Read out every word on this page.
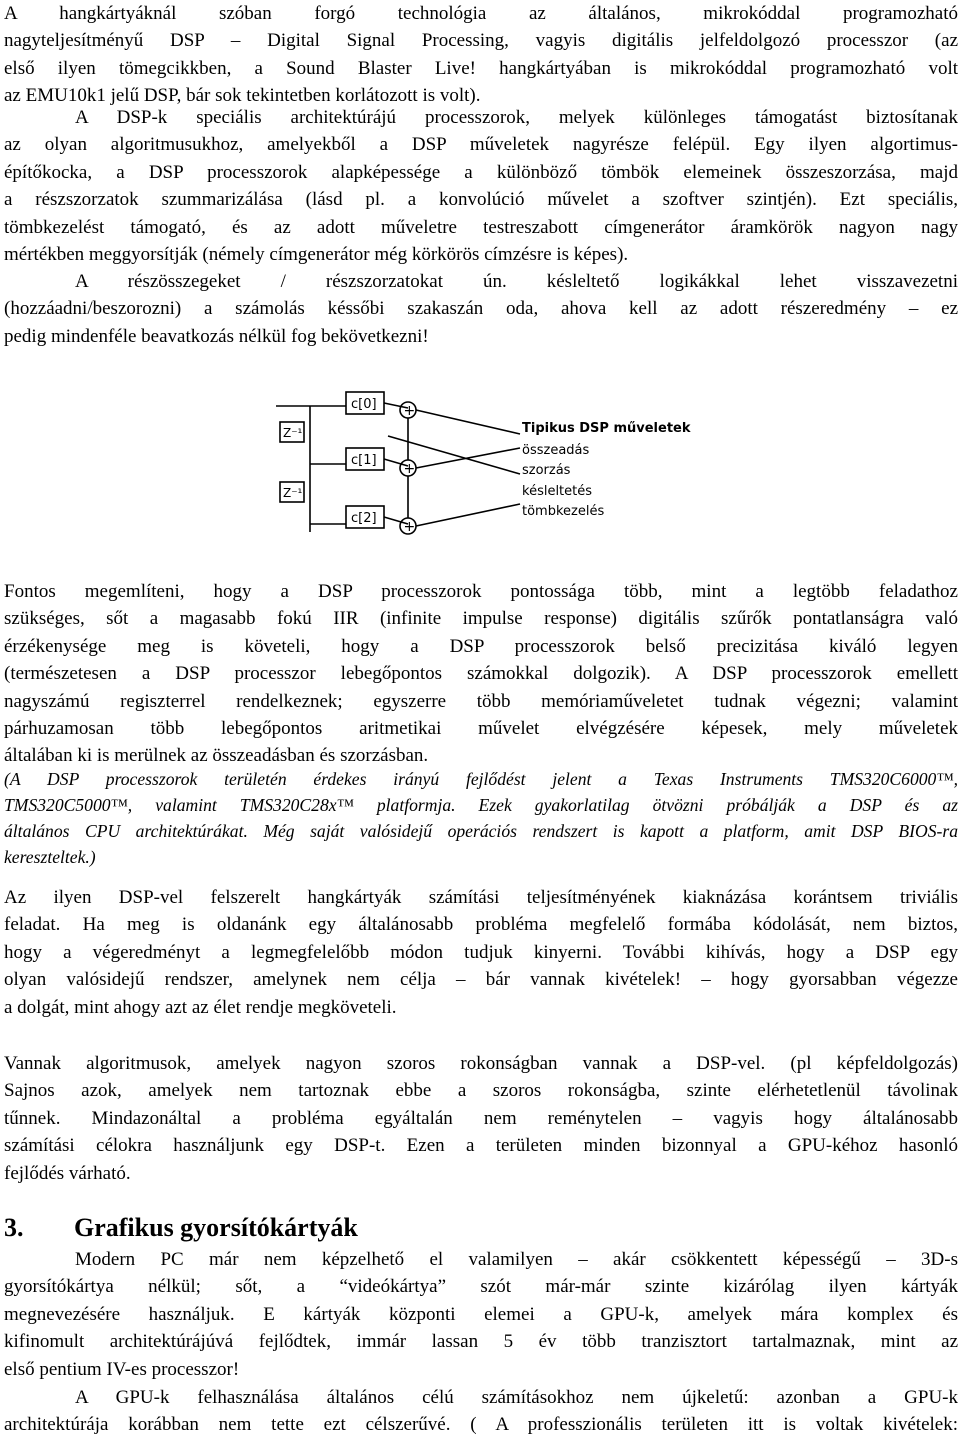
A hangkártyáknál szóban forgó technológia az általános, mikrokóddal programozható
nagyteljesítményű DSP – Digital Signal Processing, vagyis digitális jelfeldolgozó processzor (az
első ilyen tömegcikkben, a Sound Blaster Live! hangkártyában is mikrokóddal programozható volt
az EMU10k1 jelű DSP, bár sok tekintetben korlátozott is volt).
A DSP-k speciális architektúrájú processzorok, melyek különleges támogatást biztosítanak
az olyan algoritmusukhoz, amelyekből a DSP műveletek nagyrésze felépül. Egy ilyen algortimus-
építőkocka, a DSP processzorok alapképessége a különböző tömbök elemeinek összeszorzása, majd
a részszorzatok szummarizálása (lásd pl. a konvolúció művelet a szoftver szintjén). Ezt speciális,
tömbkezelést támogató, és az adott műveletre testreszabott címgenerátor áramkörök nagyon nagy
mértékben meggyorsítják (némely címgenerátor még körkörös címzésre is képes).
A részösszegeket / részszorzatokat ún. késleltető logikákkal lehet visszavezetni
(hozzáadni/beszorozni) a számolás késsőbi szakaszán oda, ahova kell az adott részeredmény – ez
pedig mindenféle beavatkozás nélkül fog bekövetkezni!
c[0]
c[1]
c[2]
Z⁻¹
Z⁻¹
+
+
+
Tipikus DSP műveletek
összeadás
szorzás
késleltetés
tömbkezelés
Fontos megemlíteni, hogy a DSP processzorok pontossága több, mint a legtöbb feladathoz
szükséges, sőt a magasabb fokú IIR (infinite impulse response) digitális szűrők pontatlanságra való
érzékenysége meg is követeli, hogy a DSP processzorok belső precizitása kiváló legyen
(természetesen a DSP processzor lebegőpontos számokkal dolgozik). A DSP processzorok emellett
nagyszámú regiszterrel rendelkeznek; egyszerre több memóriaműveletet tudnak végezni; valamint
párhuzamosan több lebegőpontos aritmetikai művelet elvégzésére képesek, mely műveletek
általában ki is merülnek az összeadásban és szorzásban.
(A DSP processzorok területén érdekes irányú fejlődést jelent a Texas Instruments TMS320C6000™,
TMS320C5000™, valamint TMS320C28x™ platformja. Ezek gyakorlatilag ötvözni próbálják a DSP és az
általános CPU architektúrákat. Még saját valósidejű operációs rendszert is kapott a platform, amit DSP BIOS-ra
kereszteltek.)
Az ilyen DSP-vel felszerelt hangkártyák számítási teljesítményének kiaknázása korántsem triviális
feladat. Ha meg is oldanánk egy általánosabb probléma megfelelő formába kódolását, nem biztos,
hogy a végeredményt a legmegfelelőbb módon tudjuk kinyerni. További kihívás, hogy a DSP egy
olyan valósidejű rendszer, amelynek nem célja – bár vannak kivételek! – hogy gyorsabban végezze
a dolgát, mint ahogy azt az élet rendje megköveteli.
Vannak algoritmusok, amelyek nagyon szoros rokonságban vannak a DSP-vel. (pl képfeldolgozás)
Sajnos azok, amelyek nem tartoznak ebbe a szoros rokonságba, szinte elérhetetlenül távolinak
tűnnek. Mindazonáltal a probléma egyáltalán nem reménytelen – vagyis hogy általánosabb
számítási célokra használjunk egy DSP-t. Ezen a területen minden bizonnyal a GPU-kéhoz hasonló
fejlődés várható.
3. Grafikus gyorsítókártyák
Modern PC már nem képzelhető el valamilyen – akár csökkentett képességű – 3D-s
gyorsítókártya nélkül; sőt, a “videókártya” szót már-már szinte kizárólag ilyen kártyák
megnevezésére használjuk. E kártyák központi elemei a GPU-k, amelyek mára komplex és
kifinomult architektúrájúvá fejlődtek, immár lassan 5 év több tranzisztort tartalmaznak, mint az
első pentium IV-es processzor!
A GPU-k felhasználása általános célú számításokhoz nem újkeletű: azonban a GPU-k
architektúrája korábban nem tette ezt célszerűvé. ( A professzionális területen itt is voltak kivételek:
